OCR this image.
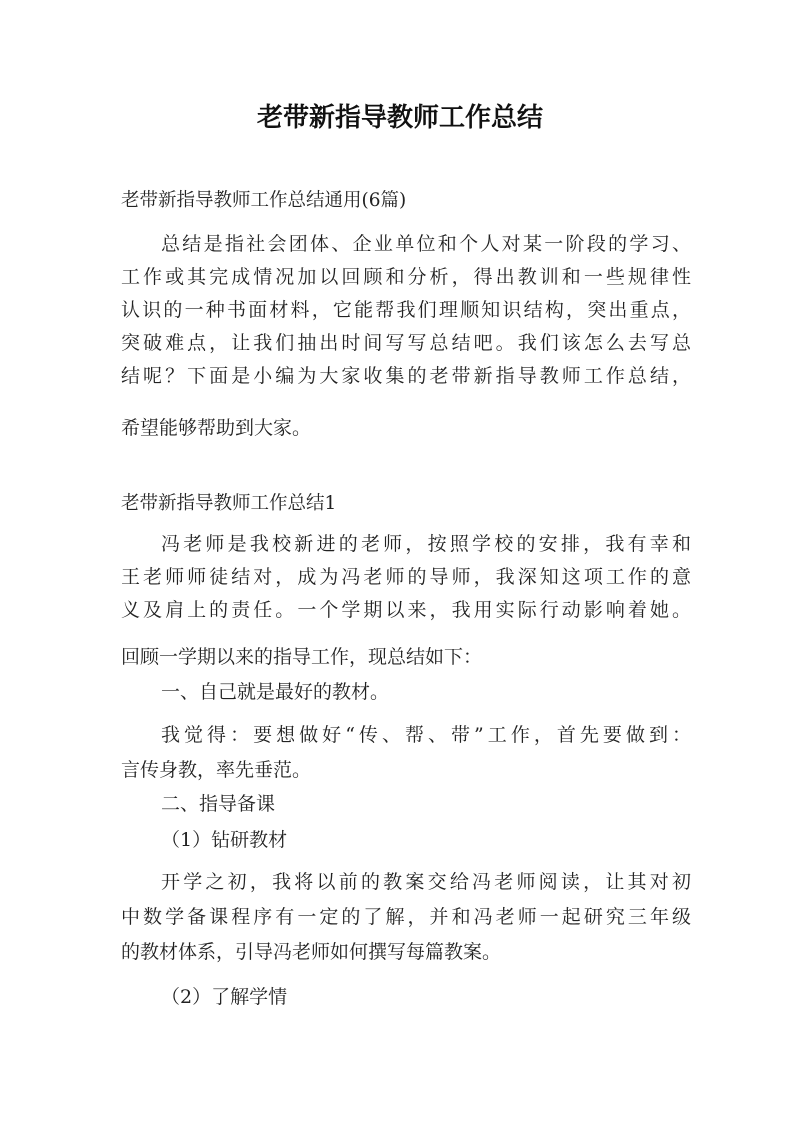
老带新指导教师工作总结

老带新指导教师工作总结通用(6篇)

总结是指社会团体、企业单位和个人对某一阶段的学习、

工作或其完成情况加以回顾和分析，得出教训和一些规律性

认识的一种书面材料，它能帮我们理顺知识结构，突出重点，

突破难点，让我们抽出时间写写总结吧。我们该怎么去写总

结呢？下面是小编为大家收集的老带新指导教师工作总结，

希望能够帮助到大家。

老带新指导教师工作总结1

冯老师是我校新进的老师，按照学校的安排，我有幸和

王老师师徒结对，成为冯老师的导师，我深知这项工作的意

义及肩上的责任。一个学期以来，我用实际行动影响着她。

回顾一学期以来的指导工作，现总结如下：

一、自己就是最好的教材。

我觉得：要想做好“传、帮、带”工作，首先要做到：

言传身教，率先垂范。

二、指导备课

（1）钻研教材

开学之初，我将以前的教案交给冯老师阅读，让其对初

中数学备课程序有一定的了解，并和冯老师一起研究三年级

的教材体系，引导冯老师如何撰写每篇教案。

（2）了解学情
